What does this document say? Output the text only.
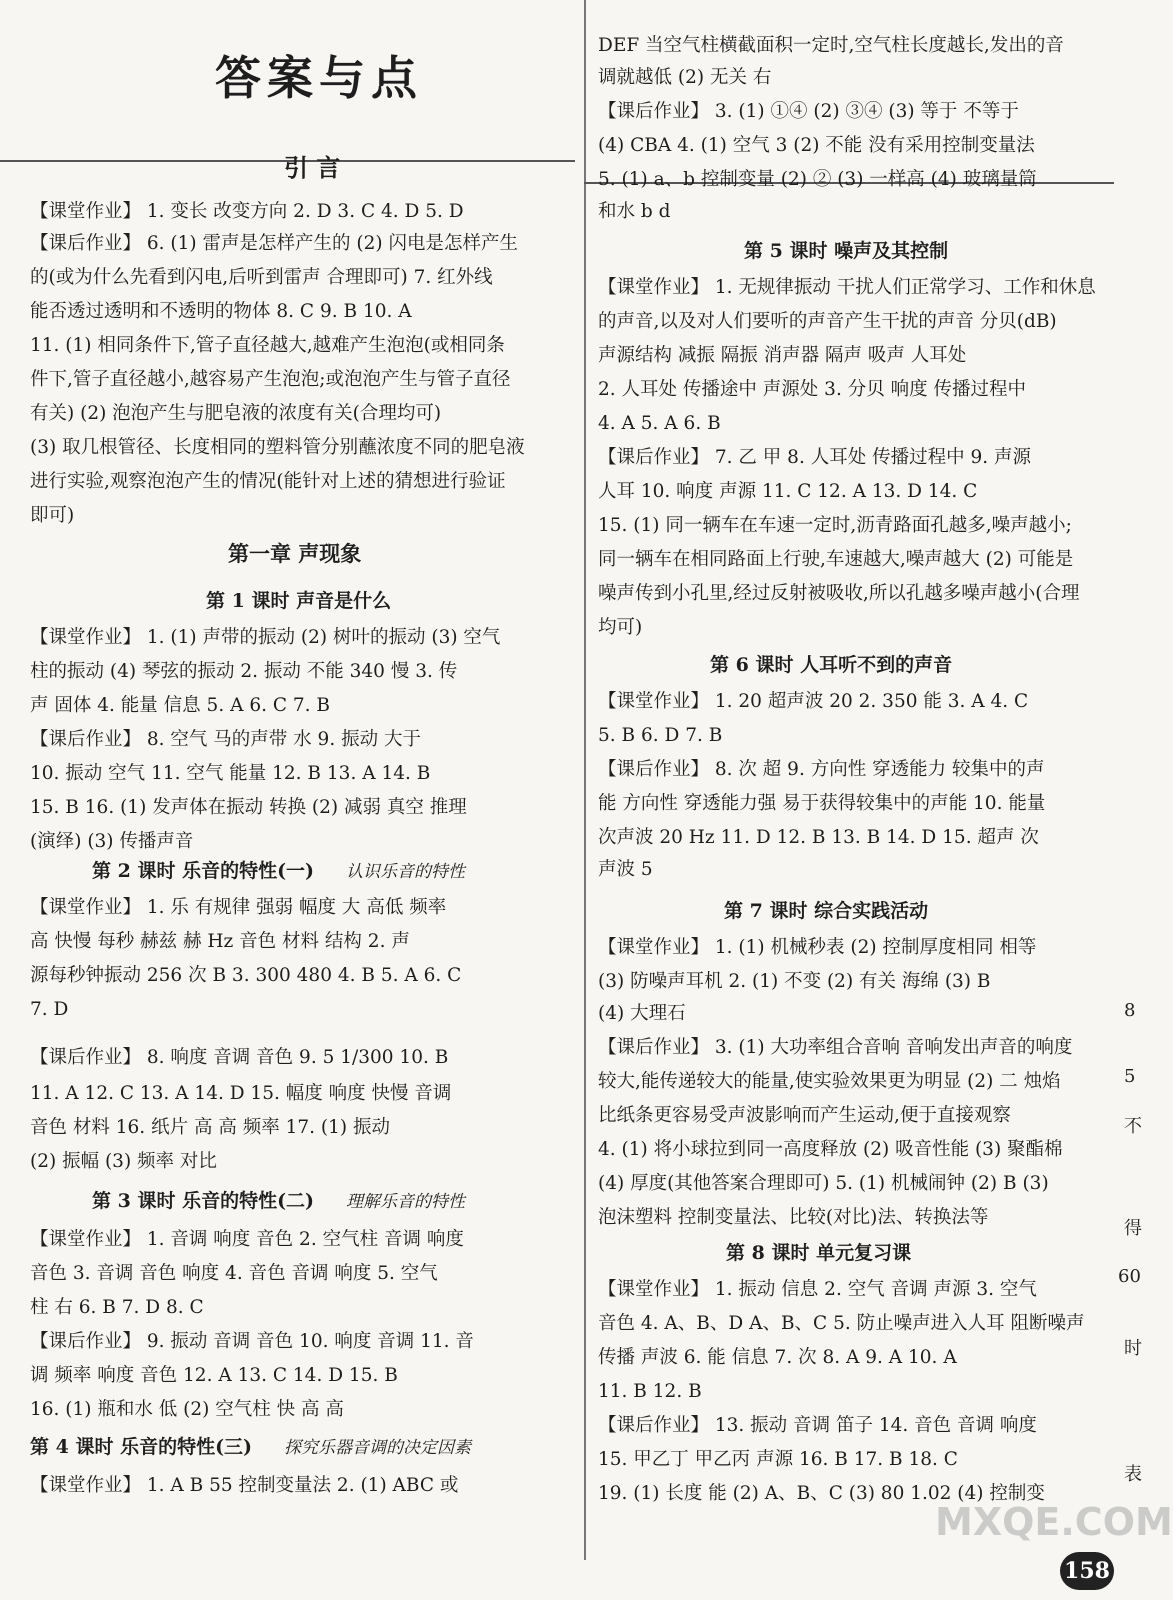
答案与点
引 言
【课堂作业】 1. 变长 改变方向 2. D 3. C 4. D 5. D
【课后作业】 6. (1) 雷声是怎样产生的 (2) 闪电是怎样产生
的(或为什么先看到闪电,后听到雷声 合理即可) 7. 红外线
能否透过透明和不透明的物体 8. C 9. B 10. A
11. (1) 相同条件下,管子直径越大,越难产生泡泡(或相同条
件下,管子直径越小,越容易产生泡泡;或泡泡产生与管子直径
有关) (2) 泡泡产生与肥皂液的浓度有关(合理均可)
(3) 取几根管径、长度相同的塑料管分别蘸浓度不同的肥皂液
进行实验,观察泡泡产生的情况(能针对上述的猜想进行验证
即可)
第一章 声现象
第 1 课时 声音是什么
【课堂作业】 1. (1) 声带的振动 (2) 树叶的振动 (3) 空气
柱的振动 (4) 琴弦的振动 2. 振动 不能 340 慢 3. 传
声 固体 4. 能量 信息 5. A 6. C 7. B
【课后作业】 8. 空气 马的声带 水 9. 振动 大于
10. 振动 空气 11. 空气 能量 12. B 13. A 14. B
15. B 16. (1) 发声体在振动 转换 (2) 减弱 真空 推理
(演绎) (3) 传播声音
第 2 课时 乐音的特性(一) 认识乐音的特性
【课堂作业】 1. 乐 有规律 强弱 幅度 大 高低 频率
高 快慢 每秒 赫兹 赫 Hz 音色 材料 结构 2. 声
源每秒钟振动 256 次 B 3. 300 480 4. B 5. A 6. C
7. D
【课后作业】 8. 响度 音调 音色 9. 5 1/300 10. B
11. A 12. C 13. A 14. D 15. 幅度 响度 快慢 音调
音色 材料 16. 纸片 高 高 频率 17. (1) 振动
(2) 振幅 (3) 频率 对比
第 3 课时 乐音的特性(二) 理解乐音的特性
【课堂作业】 1. 音调 响度 音色 2. 空气柱 音调 响度
音色 3. 音调 音色 响度 4. 音色 音调 响度 5. 空气
柱 右 6. B 7. D 8. C
【课后作业】 9. 振动 音调 音色 10. 响度 音调 11. 音
调 频率 响度 音色 12. A 13. C 14. D 15. B
16. (1) 瓶和水 低 (2) 空气柱 快 高 高
第 4 课时 乐音的特性(三) 探究乐器音调的决定因素
【课堂作业】 1. A B 55 控制变量法 2. (1) ABC 或
DEF 当空气柱横截面积一定时,空气柱长度越长,发出的音
调就越低 (2) 无关 右
【课后作业】 3. (1) ①④ (2) ③④ (3) 等于 不等于
(4) CBA 4. (1) 空气 3 (2) 不能 没有采用控制变量法
5. (1) a、b 控制变量 (2) ② (3) 一样高 (4) 玻璃量筒
和水 b d
第 5 课时 噪声及其控制
【课堂作业】 1. 无规律振动 干扰人们正常学习、工作和休息
的声音,以及对人们要听的声音产生干扰的声音 分贝(dB)
声源结构 减振 隔振 消声器 隔声 吸声 人耳处
2. 人耳处 传播途中 声源处 3. 分贝 响度 传播过程中
4. A 5. A 6. B
【课后作业】 7. 乙 甲 8. 人耳处 传播过程中 9. 声源
人耳 10. 响度 声源 11. C 12. A 13. D 14. C
15. (1) 同一辆车在车速一定时,沥青路面孔越多,噪声越小;
同一辆车在相同路面上行驶,车速越大,噪声越大 (2) 可能是
噪声传到小孔里,经过反射被吸收,所以孔越多噪声越小(合理
均可)
第 6 课时 人耳听不到的声音
【课堂作业】 1. 20 超声波 20 2. 350 能 3. A 4. C
5. B 6. D 7. B
【课后作业】 8. 次 超 9. 方向性 穿透能力 较集中的声
能 方向性 穿透能力强 易于获得较集中的声能 10. 能量
次声波 20 Hz 11. D 12. B 13. B 14. D 15. 超声 次
声波 5
第 7 课时 综合实践活动
【课堂作业】 1. (1) 机械秒表 (2) 控制厚度相同 相等
(3) 防噪声耳机 2. (1) 不变 (2) 有关 海绵 (3) B
(4) 大理石
【课后作业】 3. (1) 大功率组合音响 音响发出声音的响度
较大,能传递较大的能量,使实验效果更为明显 (2) 二 烛焰
比纸条更容易受声波影响而产生运动,便于直接观察
4. (1) 将小球拉到同一高度释放 (2) 吸音性能 (3) 聚酯棉
(4) 厚度(其他答案合理即可) 5. (1) 机械闹钟 (2) B (3)
泡沫塑料 控制变量法、比较(对比)法、转换法等
第 8 课时 单元复习课
【课堂作业】 1. 振动 信息 2. 空气 音调 声源 3. 空气
音色 4. A、B、D A、B、C 5. 防止噪声进入人耳 阻断噪声
传播 声波 6. 能 信息 7. 次 8. A 9. A 10. A
11. B 12. B
【课后作业】 13. 振动 音调 笛子 14. 音色 音调 响度
15. 甲乙丁 甲乙丙 声源 16. B 17. B 18. C
19. (1) 长度 能 (2) A、B、C (3) 80 1.02 (4) 控制变
8
5
不
得
60
时
表
MXQE.COM
158
